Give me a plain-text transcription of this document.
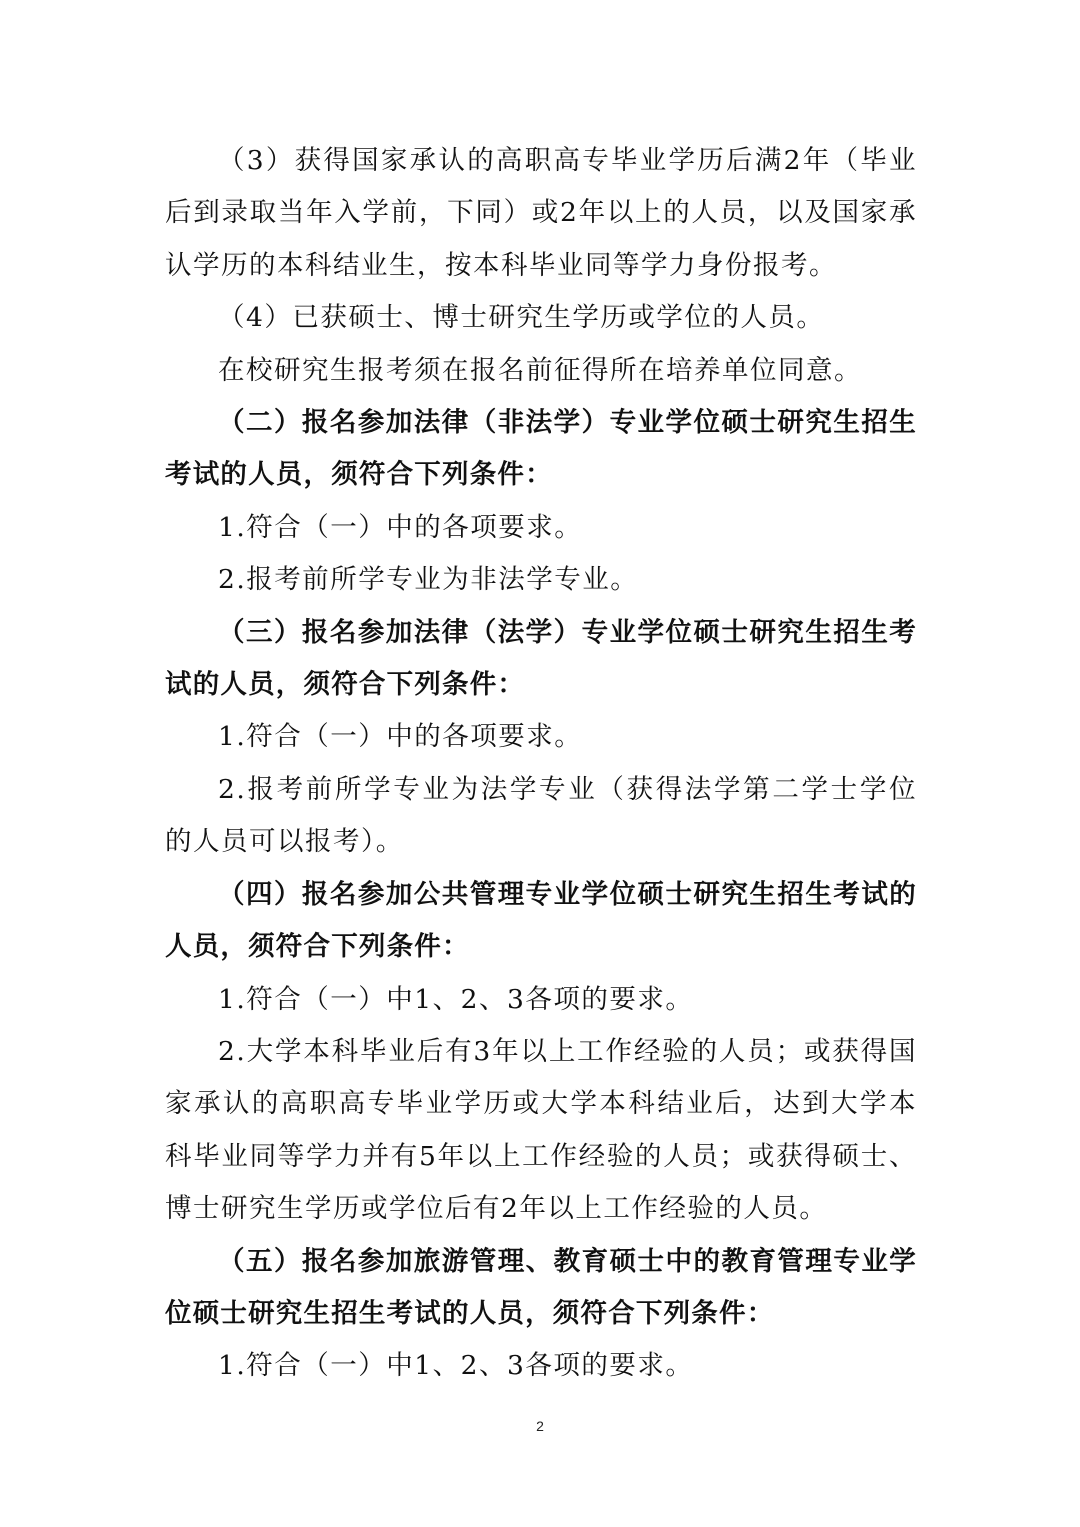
（3）获得国家承认的高职高专毕业学历后满2年（毕业后到录取当年入学前，下同）或2年以上的人员，以及国家承认学历的本科结业生，按本科毕业同等学力身份报考。

（4）已获硕士、博士研究生学历或学位的人员。

在校研究生报考须在报名前征得所在培养单位同意。

（二）报名参加法律（非法学）专业学位硕士研究生招生考试的人员，须符合下列条件：

1.符合（一）中的各项要求。

2.报考前所学专业为非法学专业。

（三）报名参加法律（法学）专业学位硕士研究生招生考试的人员，须符合下列条件：

1.符合（一）中的各项要求。

2.报考前所学专业为法学专业（获得法学第二学士学位的人员可以报考）。

（四）报名参加公共管理专业学位硕士研究生招生考试的人员，须符合下列条件：

1.符合（一）中1、2、3各项的要求。

2.大学本科毕业后有3年以上工作经验的人员；或获得国家承认的高职高专毕业学历或大学本科结业后，达到大学本科毕业同等学力并有5年以上工作经验的人员；或获得硕士、博士研究生学历或学位后有2年以上工作经验的人员。

（五）报名参加旅游管理、教育硕士中的教育管理专业学位硕士研究生招生考试的人员，须符合下列条件：

1.符合（一）中1、2、3各项的要求。

2
